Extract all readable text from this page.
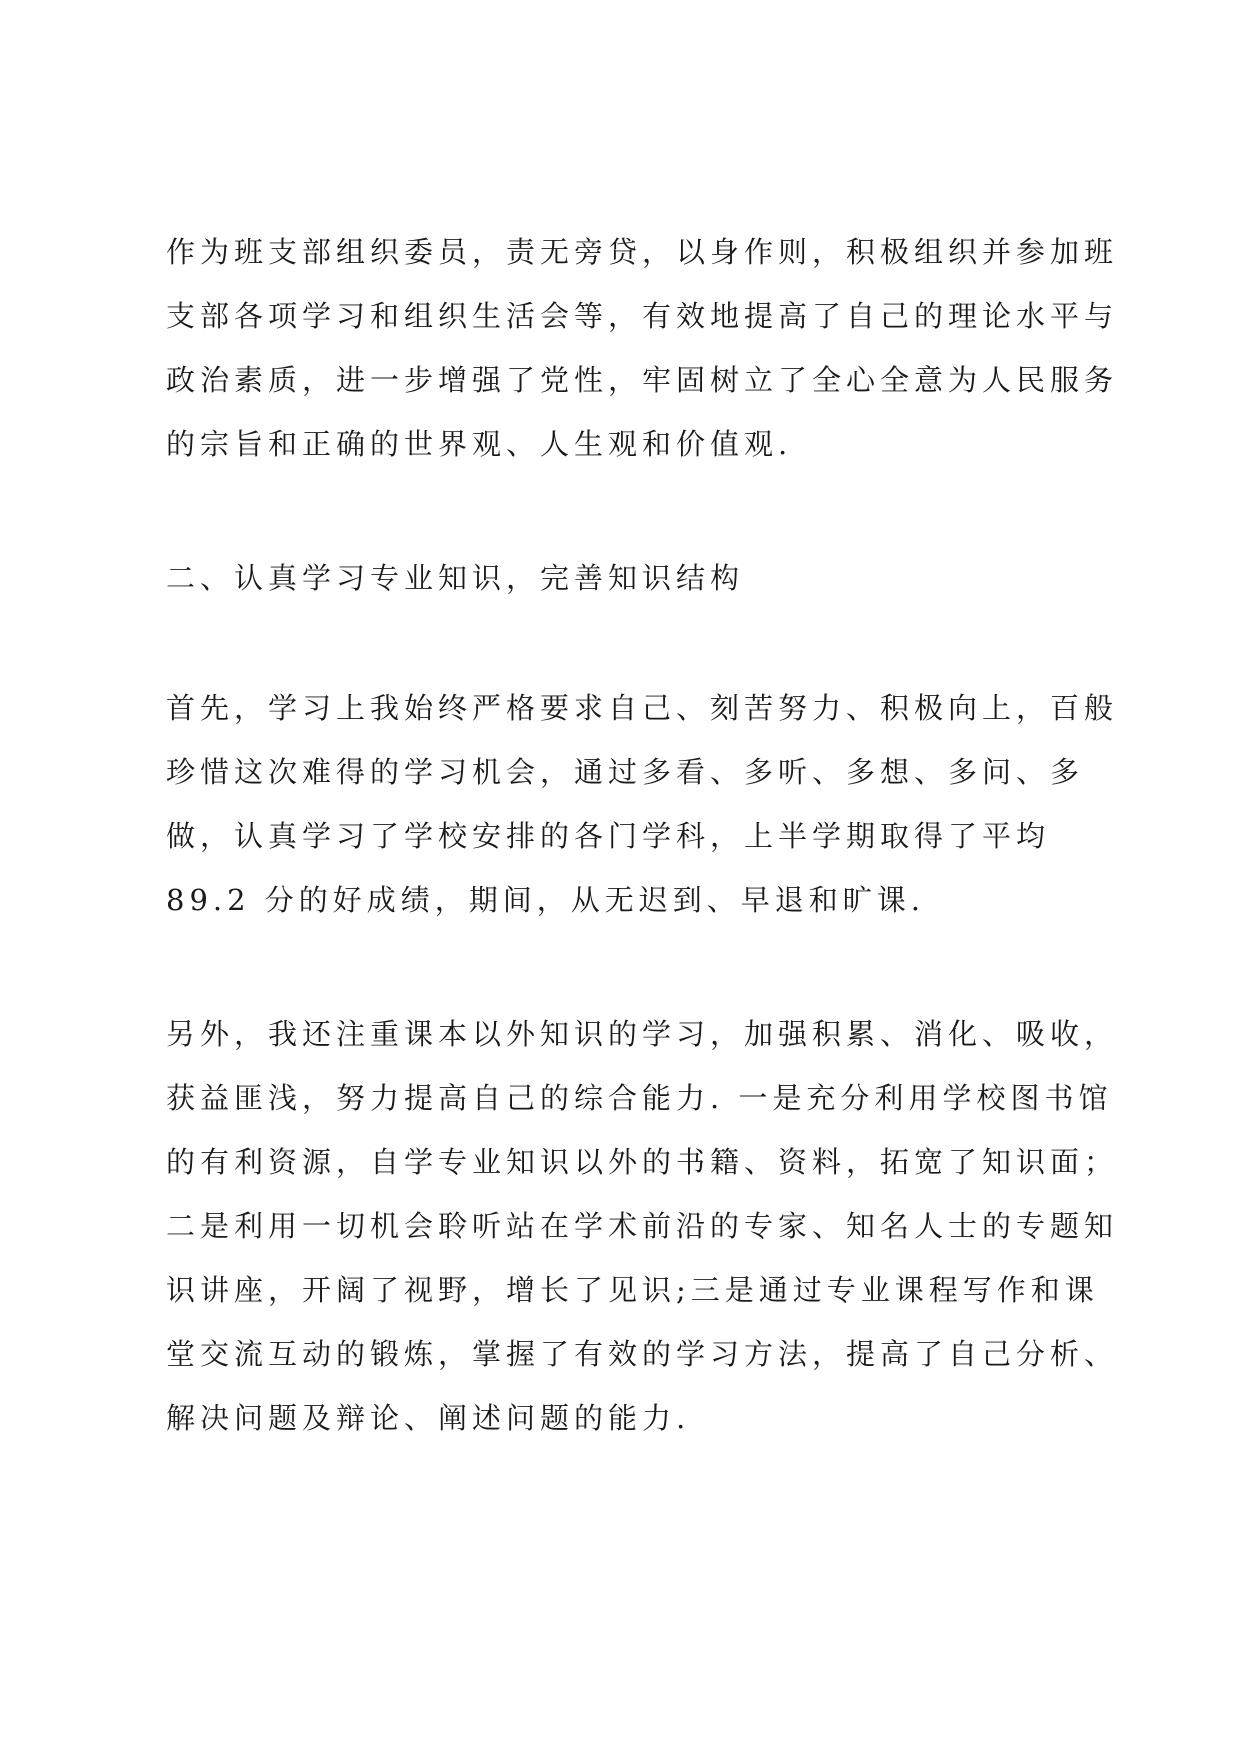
作为班支部组织委员，责无旁贷，以身作则，积极组织并参加班
支部各项学习和组织生活会等，有效地提高了自己的理论水平与
政治素质，进一步增强了党性，牢固树立了全心全意为人民服务
的宗旨和正确的世界观、人生观和价值观.
二、认真学习专业知识，完善知识结构
首先，学习上我始终严格要求自己、刻苦努力、积极向上，百般
珍惜这次难得的学习机会，通过多看、多听、多想、多问、多
做，认真学习了学校安排的各门学科，上半学期取得了平均
89.2 分的好成绩，期间，从无迟到、早退和旷课.
另外，我还注重课本以外知识的学习，加强积累、消化、吸收，
获益匪浅，努力提高自己的综合能力. 一是充分利用学校图书馆
的有利资源，自学专业知识以外的书籍、资料，拓宽了知识面；
二是利用一切机会聆听站在学术前沿的专家、知名人士的专题知
识讲座，开阔了视野，增长了见识;三是通过专业课程写作和课
堂交流互动的锻炼，掌握了有效的学习方法，提高了自己分析、
解决问题及辩论、阐述问题的能力.
